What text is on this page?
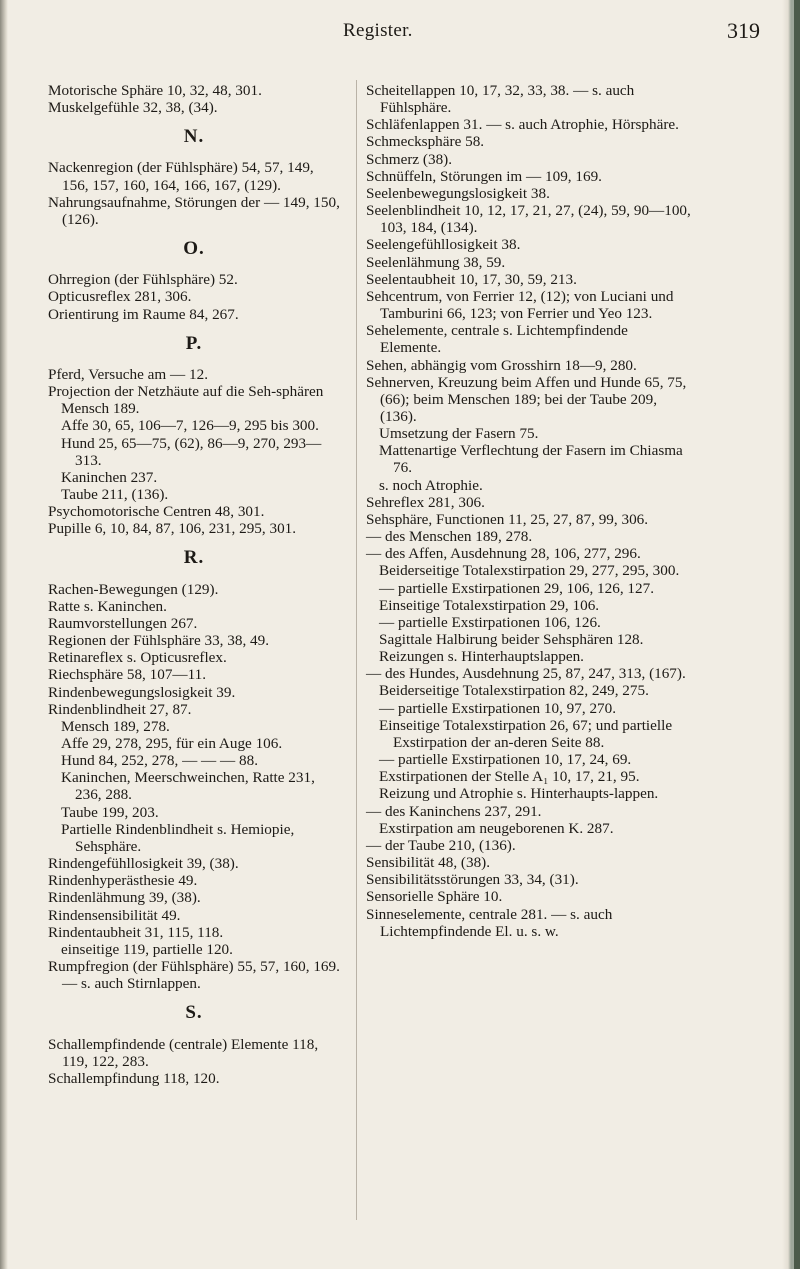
Register.	319

Motorische Sphäre 10, 32, 48, 301.

Muskelgefühle 32, 38, (34).

N.

Nackenregion (der Fühlsphäre) 54, 57, 149, 156, 157, 160, 164, 166, 167, (129).

Nahrungsaufnahme, Störungen der — 149, 150, (126).

O.

Ohrregion (der Fühlsphäre) 52.

Opticusreflex 281, 306.

Orientirung im Raume 84, 267.

P.

Pferd, Versuche am — 12.

Projection der Netzhäute auf die Seh-sphären

Mensch 189.

Affe 30, 65, 106—7, 126—9, 295 bis 300.

Hund 25, 65—75, (62), 86—9, 270, 293—313.

Kaninchen 237.

Taube 211, (136).

Psychomotorische Centren 48, 301.

Pupille 6, 10, 84, 87, 106, 231, 295, 301.

R.

Rachen-Bewegungen (129).

Ratte s. Kaninchen.

Raumvorstellungen 267.

Regionen der Fühlsphäre 33, 38, 49.

Retinareflex s. Opticusreflex.

Riechsphäre 58, 107—11.

Rindenbewegungslosigkeit 39.

Rindenblindheit 27, 87.

Mensch 189, 278.

Affe 29, 278, 295, für ein Auge 106.

Hund 84, 252, 278, — — — 88.

Kaninchen, Meerschweinchen, Ratte 231, 236, 288.

Taube 199, 203.

Partielle Rindenblindheit s. Hemiopie, Sehsphäre.

Rindengefühllosigkeit 39, (38).

Rindenhyperästhesie 49.

Rindenlähmung 39, (38).

Rindensensibilität 49.

Rindentaubheit 31, 115, 118.

einseitige 119, partielle 120.

Rumpfregion (der Fühlsphäre) 55, 57, 160, 169. — s. auch Stirnlappen.

S.

Schallempfindende (centrale) Elemente 118, 119, 122, 283.

Schallempfindung 118, 120.

Scheitellappen 10, 17, 32, 33, 38. — s. auch Fühlsphäre.

Schläfenlappen 31. — s. auch Atrophie, Hörsphäre.

Schmecksphäre 58.

Schmerz (38).

Schnüffeln, Störungen im — 109, 169.

Seelenbewegungslosigkeit 38.

Seelenblindheit 10, 12, 17, 21, 27, (24), 59, 90—100, 103, 184, (134).

Seelengefühllosigkeit 38.

Seelenlähmung 38, 59.

Seelentaubheit 10, 17, 30, 59, 213.

Sehcentrum, von Ferrier 12, (12); von Luciani und Tamburini 66, 123; von Ferrier und Yeo 123.

Sehelemente, centrale s. Lichtempfindende Elemente.

Sehen, abhängig vom Grosshirn 18—9, 280.

Sehnerven, Kreuzung beim Affen und Hunde 65, 75, (66); beim Menschen 189; bei der Taube 209, (136).

Umsetzung der Fasern 75.

Mattenartige Verflechtung der Fasern im Chiasma 76.

s. noch Atrophie.

Sehreflex 281, 306.

Sehsphäre, Functionen 11, 25, 27, 87, 99, 306.

— des Menschen 189, 278.

— des Affen, Ausdehnung 28, 106, 277, 296.

Beiderseitige Totalexstirpation 29, 277, 295, 300.

— partielle Exstirpationen 29, 106, 126, 127.

Einseitige Totalexstirpation 29, 106.

— partielle Exstirpationen 106, 126.

Sagittale Halbirung beider Sehsphären 128.

Reizungen s. Hinterhauptslappen.

— des Hundes, Ausdehnung 25, 87, 247, 313, (167).

Beiderseitige Totalexstirpation 82, 249, 275.

— partielle Exstirpationen 10, 97, 270.

Einseitige Totalexstirpation 26, 67; und partielle Exstirpation der an-deren Seite 88.

— partielle Exstirpationen 10, 17, 24, 69.

Exstirpationen der Stelle A₁ 10, 17, 21, 95.

Reizung und Atrophie s. Hinterhaupts-lappen.

— des Kaninchens 237, 291.

Exstirpation am neugeborenen K. 287.

— der Taube 210, (136).

Sensibilität 48, (38).

Sensibilitätsstörungen 33, 34, (31).

Sensorielle Sphäre 10.

Sinneselemente, centrale 281. — s. auch Lichtempfindende El. u. s. w.
